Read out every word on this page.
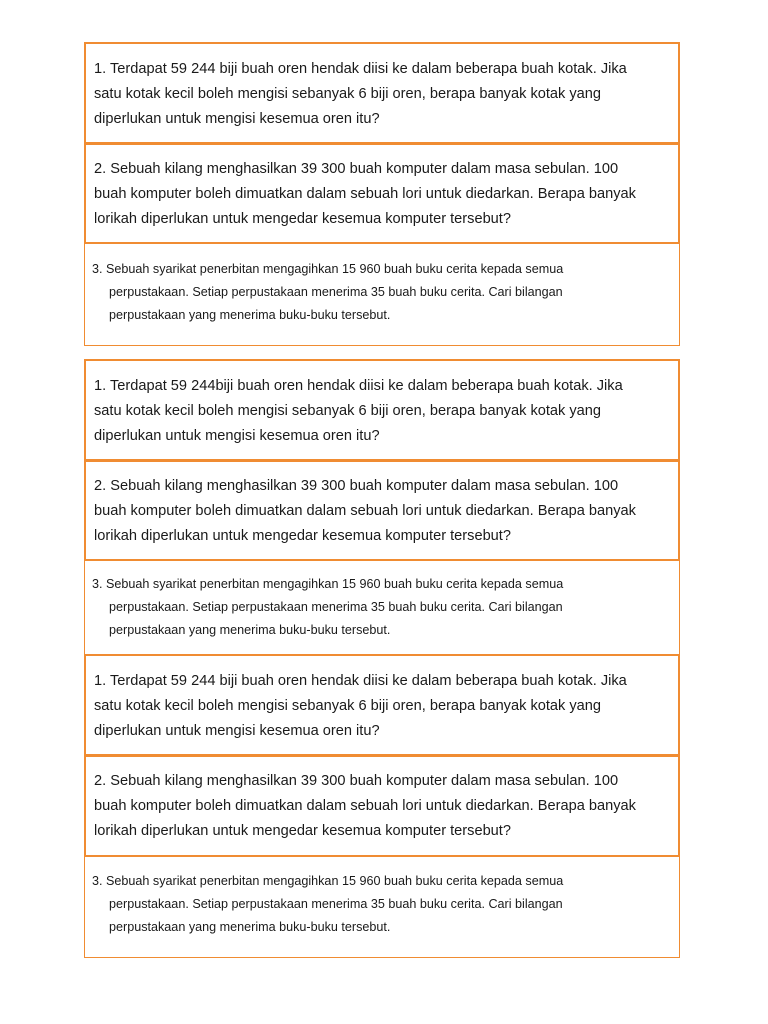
1. Terdapat 59 244 biji buah oren hendak diisi ke dalam beberapa buah kotak. Jika
satu kotak kecil boleh mengisi sebanyak 6 biji oren, berapa banyak kotak yang
diperlukan untuk mengisi kesemua oren itu?

2. Sebuah kilang menghasilkan 39 300 buah komputer dalam masa sebulan. 100
buah komputer boleh dimuatkan dalam sebuah lori untuk diedarkan. Berapa banyak
lorikah diperlukan untuk mengedar kesemua komputer tersebut?

3. Sebuah syarikat penerbitan mengagihkan 15 960 buah buku cerita kepada semua
perpustakaan. Setiap perpustakaan menerima 35 buah buku cerita. Cari bilangan
perpustakaan yang menerima buku-buku tersebut.

1. Terdapat 59 244biji buah oren hendak diisi ke dalam beberapa buah kotak. Jika
satu kotak kecil boleh mengisi sebanyak 6 biji oren, berapa banyak kotak yang
diperlukan untuk mengisi kesemua oren itu?

2. Sebuah kilang menghasilkan 39 300 buah komputer dalam masa sebulan. 100
buah komputer boleh dimuatkan dalam sebuah lori untuk diedarkan. Berapa banyak
lorikah diperlukan untuk mengedar kesemua komputer tersebut?

3. Sebuah syarikat penerbitan mengagihkan 15 960 buah buku cerita kepada semua
perpustakaan. Setiap perpustakaan menerima 35 buah buku cerita. Cari bilangan
perpustakaan yang menerima buku-buku tersebut.

1. Terdapat 59 244 biji buah oren hendak diisi ke dalam beberapa buah kotak. Jika
satu kotak kecil boleh mengisi sebanyak 6 biji oren, berapa banyak kotak yang
diperlukan untuk mengisi kesemua oren itu?

2. Sebuah kilang menghasilkan 39 300 buah komputer dalam masa sebulan. 100
buah komputer boleh dimuatkan dalam sebuah lori untuk diedarkan. Berapa banyak
lorikah diperlukan untuk mengedar kesemua komputer tersebut?

3. Sebuah syarikat penerbitan mengagihkan 15 960 buah buku cerita kepada semua
perpustakaan. Setiap perpustakaan menerima 35 buah buku cerita. Cari bilangan
perpustakaan yang menerima buku-buku tersebut.
